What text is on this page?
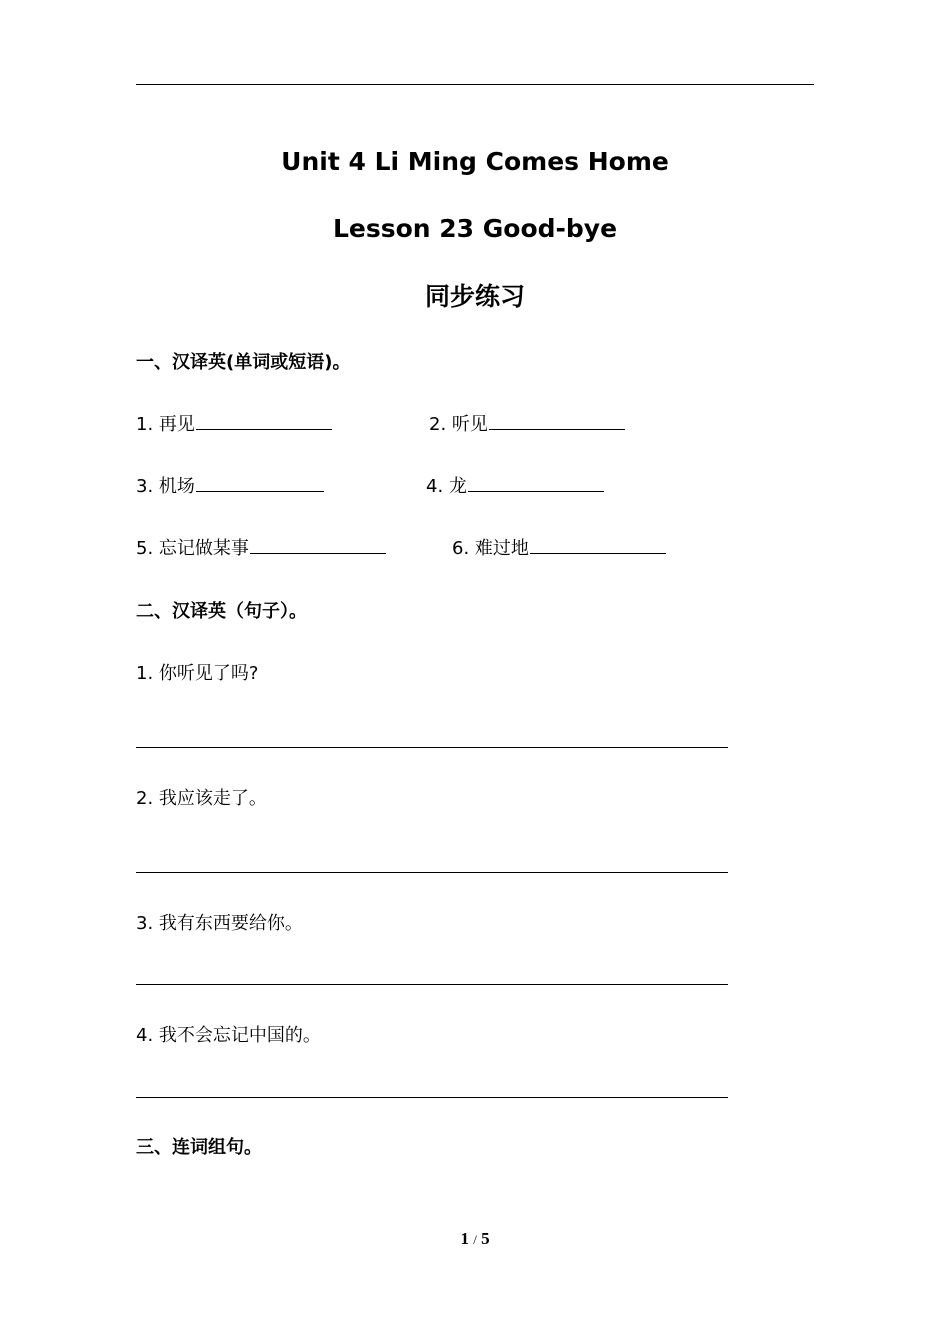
Unit 4 Li Ming Comes Home
Lesson 23 Good-bye
同步练习
一、汉译英(单词或短语)。
1. 再见	2. 听见
3. 机场	4. 龙
5. 忘记做某事	6. 难过地
二、汉译英（句子）。
1. 你听见了吗?
2. 我应该走了。
3. 我有东西要给你。
4. 我不会忘记中国的。
三、连词组句。
1 / 5
